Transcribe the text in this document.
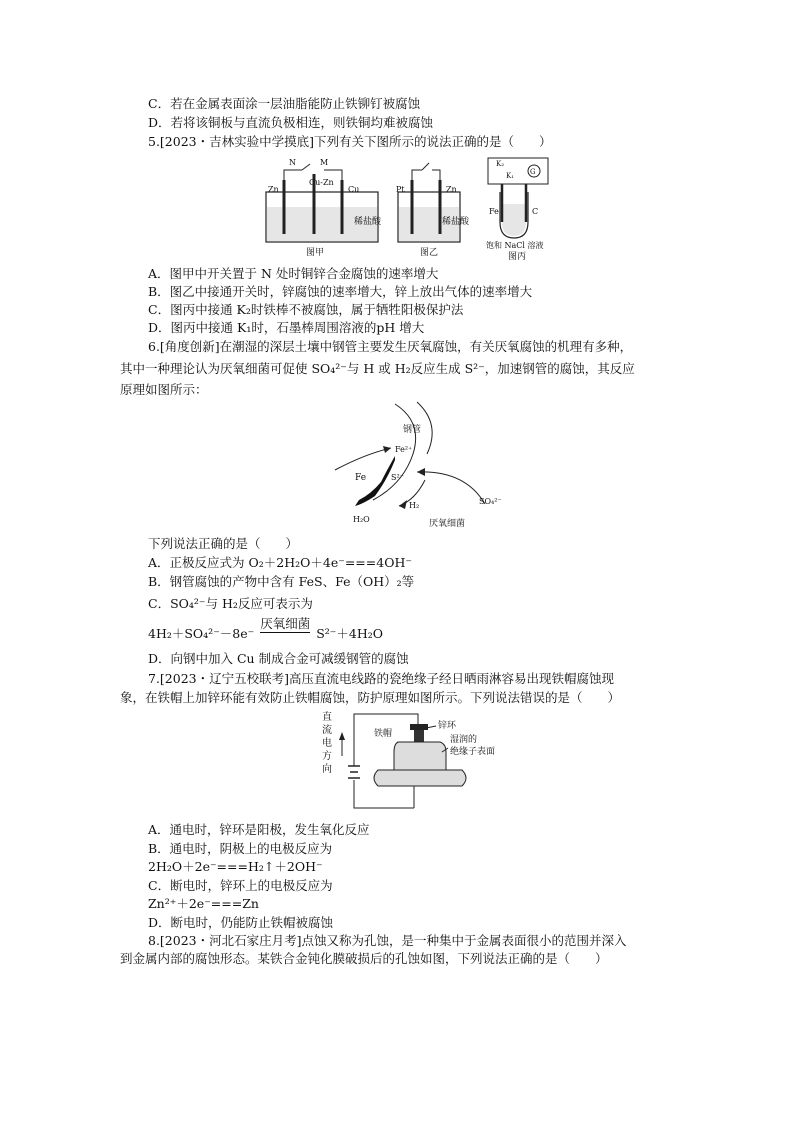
C．若在金属表面涂一层油脂能防止铁铆钉被腐蚀
D．若将该铜板与直流负极相连，则铁铜均难被腐蚀
5.[2023・吉林实验中学摸底]下列有关下图所示的说法正确的是（　　）
N	M
Zn
Cu-Zn
Cu
稀盐酸
图甲
Pt	Zn
稀盐酸
图乙
G
K₂
K₁
Fe	C
饱和 NaCl 溶液
图丙
A．图甲中开关置于 N 处时铜锌合金腐蚀的速率增大
B．图乙中接通开关时，锌腐蚀的速率增大，锌上放出气体的速率增大
C．图丙中接通 K₂时铁棒不被腐蚀，属于牺牲阳极保护法
D．图丙中接通 K₁时，石墨棒周围溶液的pH 增大
6.[角度创新]在潮湿的深层土壤中钢管主要发生厌氧腐蚀，有关厌氧腐蚀的机理有多种，
其中一种理论认为厌氧细菌可促使 SO₄²⁻与 H 或 H₂反应生成 S²⁻，加速钢管的腐蚀，其反应
原理如图所示：
钢管
Fe²⁺
Fe	S²⁻
H₂
H₂O
SO₄²⁻
厌氧细菌
下列说法正确的是（　　）
A．正极反应式为 O₂＋2H₂O＋4e⁻===4OH⁻
B．钢管腐蚀的产物中含有 FeS、Fe（OH）₂等
C．SO₄²⁻与 H₂反应可表示为
4H₂＋SO₄²⁻－8e⁻ 厌氧细菌 S²⁻＋4H₂O
D．向钢中加入 Cu 制成合金可减缓钢管的腐蚀
7.[2023・辽宁五校联考]高压直流电线路的瓷绝缘子经日晒雨淋容易出现铁帽腐蚀现
象，在铁帽上加锌环能有效防止铁帽腐蚀，防护原理如图所示。下列说法错误的是（　　）
直
流
电
方
向
铁帽
锌环
湿润的
绝缘子表面
A．通电时，锌环是阳极，发生氧化反应
B．通电时，阴极上的电极反应为
2H₂O＋2e⁻===H₂↑＋2OH⁻
C．断电时，锌环上的电极反应为
Zn²⁺＋2e⁻===Zn
D．断电时，仍能防止铁帽被腐蚀
8.[2023・河北石家庄月考]点蚀又称为孔蚀，是一种集中于金属表面很小的范围并深入
到金属内部的腐蚀形态。某铁合金钝化膜破损后的孔蚀如图，下列说法正确的是（　　）
